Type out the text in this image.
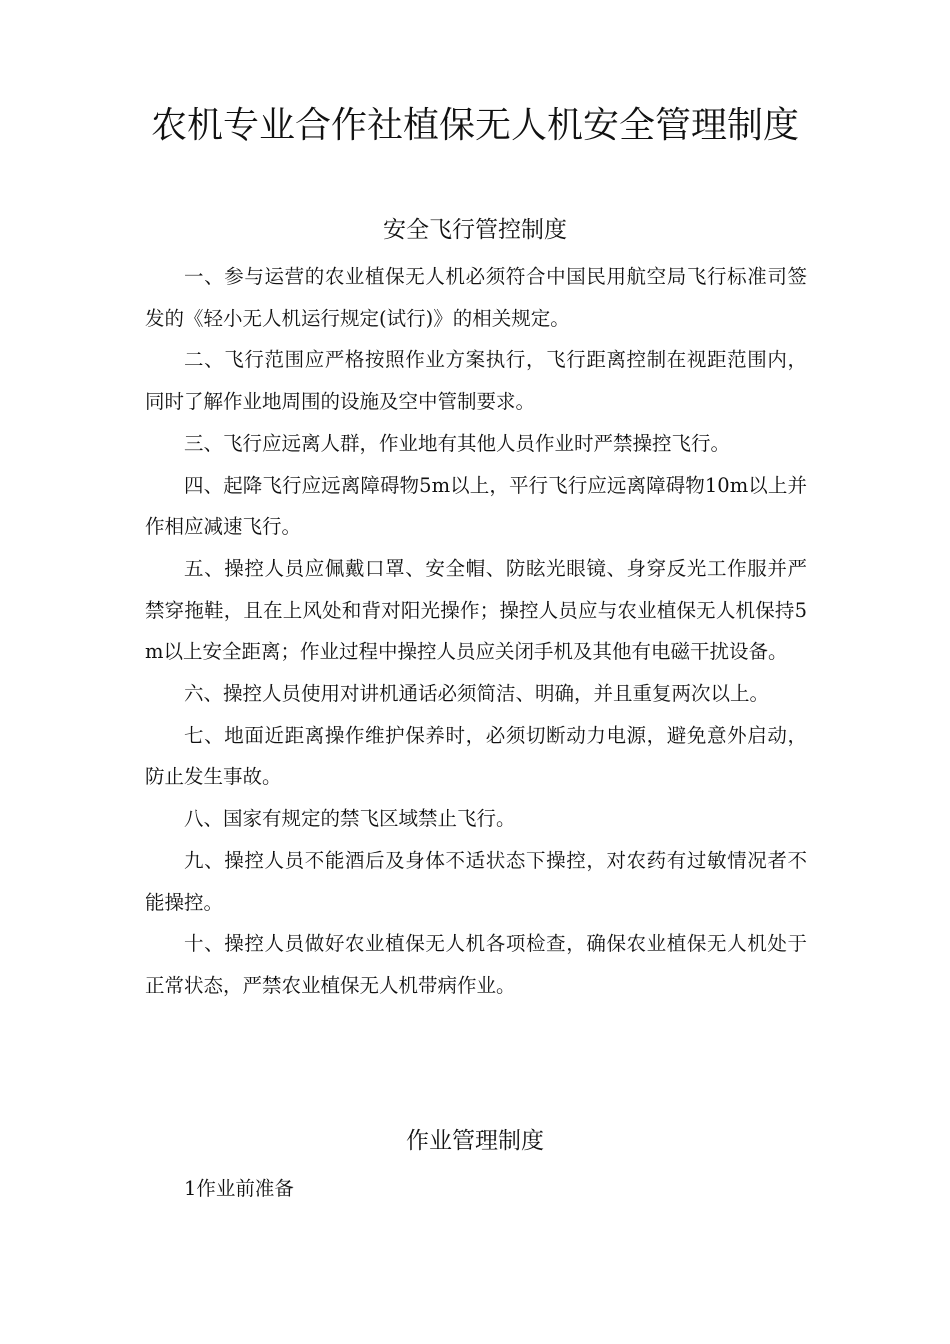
农机专业合作社植保无人机安全管理制度
安全飞行管控制度

一、参与运营的农业植保无人机必须符合中国民用航空局飞行标准司签发的《轻小无人机运行规定(试行)》的相关规定。

二、飞行范围应严格按照作业方案执行，飞行距离控制在视距范围内，同时了解作业地周围的设施及空中管制要求。

三、飞行应远离人群，作业地有其他人员作业时严禁操控飞行。

四、起降飞行应远离障碍物5m以上，平行飞行应远离障碍物10m以上并作相应减速飞行。

五、操控人员应佩戴口罩、安全帽、防眩光眼镜、身穿反光工作服并严禁穿拖鞋，且在上风处和背对阳光操作；操控人员应与农业植保无人机保持5m以上安全距离；作业过程中操控人员应关闭手机及其他有电磁干扰设备。

六、操控人员使用对讲机通话必须简洁、明确，并且重复两次以上。

七、地面近距离操作维护保养时，必须切断动力电源，避免意外启动，防止发生事故。

八、国家有规定的禁飞区域禁止飞行。

九、操控人员不能酒后及身体不适状态下操控，对农药有过敏情况者不能操控。

十、操控人员做好农业植保无人机各项检查，确保农业植保无人机处于正常状态，严禁农业植保无人机带病作业。

作业管理制度

1作业前准备
